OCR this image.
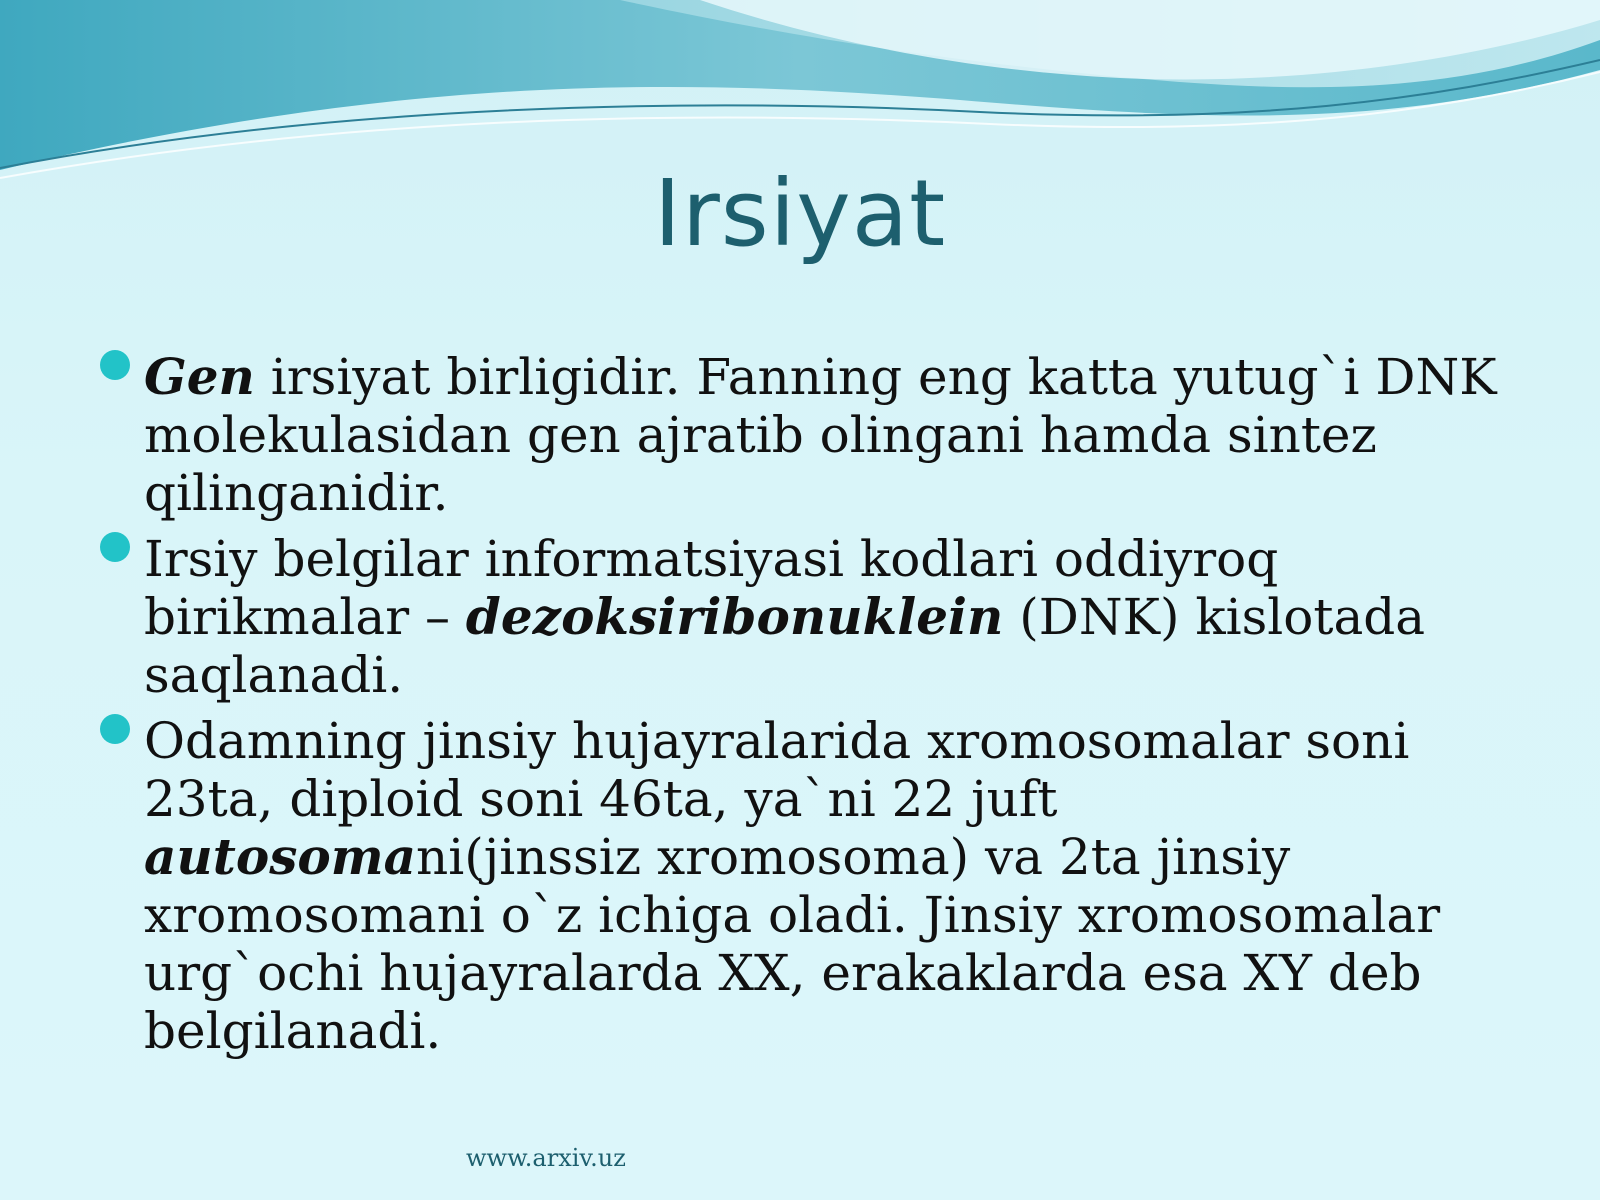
Irsiyat
Gen irsiyat birligidir. Fanning eng katta yutug`i DNK molekulasidan gen ajratib olingani hamda sintez qilinganidir.
Irsiy belgilar informatsiyasi kodlari oddiyroq birikmalar – dezoksiribonuklein (DNK) kislotada saqlanadi.
Odamning jinsiy hujayralarida xromosomalar soni 23ta, diploid soni 46ta, ya`ni 22 juft autosomani(jinssiz xromosoma) va 2ta jinsiy xromosomani o`z ichiga oladi. Jinsiy xromosomalar urg`ochi hujayralarda XX, erakaklarda esa XY deb belgilanadi.
www.arxiv.uz
